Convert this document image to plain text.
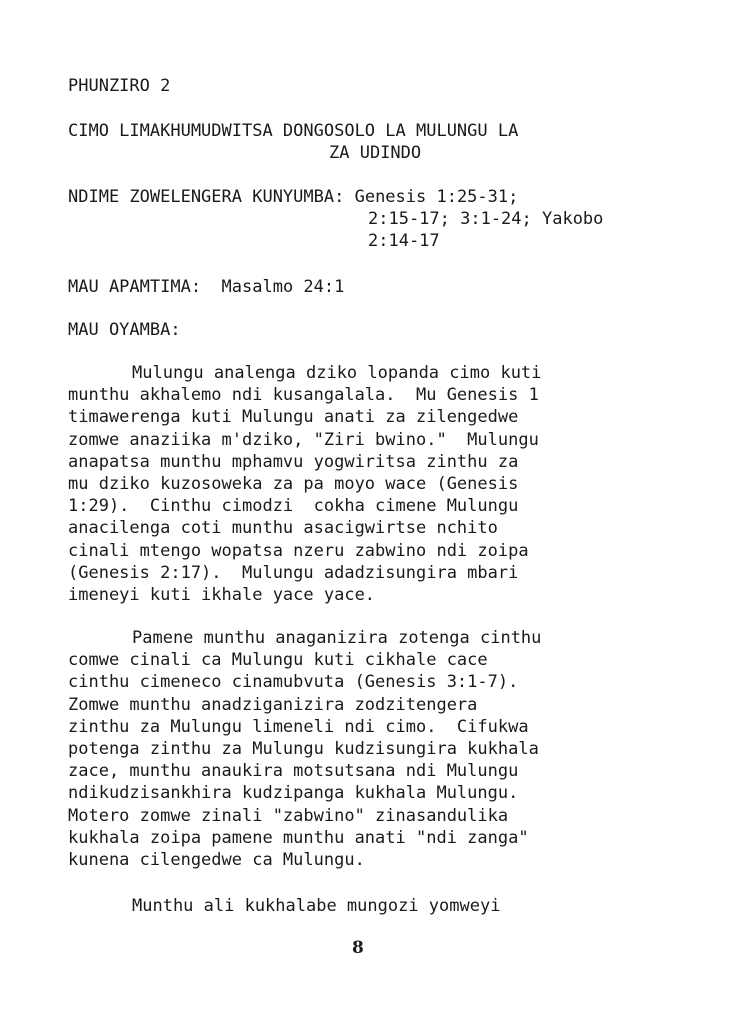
PHUNZIRO 2

CIMO LIMAKHUMUDWITSA DONGOSOLO LA MULUNGU LA

ZA UDINDO

NDIME ZOWELENGERA KUNYUMBA: Genesis 1:25-31;

2:15-17; 3:1-24; Yakobo

2:14-17

MAU APAMTIMA: Masalmo 24:1

MAU OYAMBA:

Mulungu analenga dziko lopanda cimo kuti
munthu akhalemo ndi kusangalala.  Mu Genesis 1
timawerenga kuti Mulungu anati za zilengedwe
zomwe anaziika m'dziko, "Ziri bwino."  Mulungu
anapatsa munthu mphamvu yogwiritsa zinthu za
mu dziko kuzosoweka za pa moyo wace (Genesis
1:29).  Cinthu cimodzi  cokha cimene Mulungu
anacilenga coti munthu asacigwirtse nchito
cinali mtengo wopatsa nzeru zabwino ndi zoipa
(Genesis 2:17).  Mulungu adadzisungira mbari
imeneyi kuti ikhale yace yace.
Pamene munthu anaganizira zotenga cinthu
comwe cinali ca Mulungu kuti cikhale cace
cinthu cimeneco cinamubvuta (Genesis 3:1-7).
Zomwe munthu anadziganizira zodzitengera
zinthu za Mulungu limeneli ndi cimo.  Cifukwa
potenga zinthu za Mulungu kudzisungira kukhala
zace, munthu anaukira motsutsana ndi Mulungu
ndikudzisankhira kudzipanga kukhala Mulungu.
Motero zomwe zinali "zabwino" zinasandulika
kukhala zoipa pamene munthu anati "ndi zanga"
kunena cilengedwe ca Mulungu.
Munthu ali kukhalabe mungozi yomweyi
8
